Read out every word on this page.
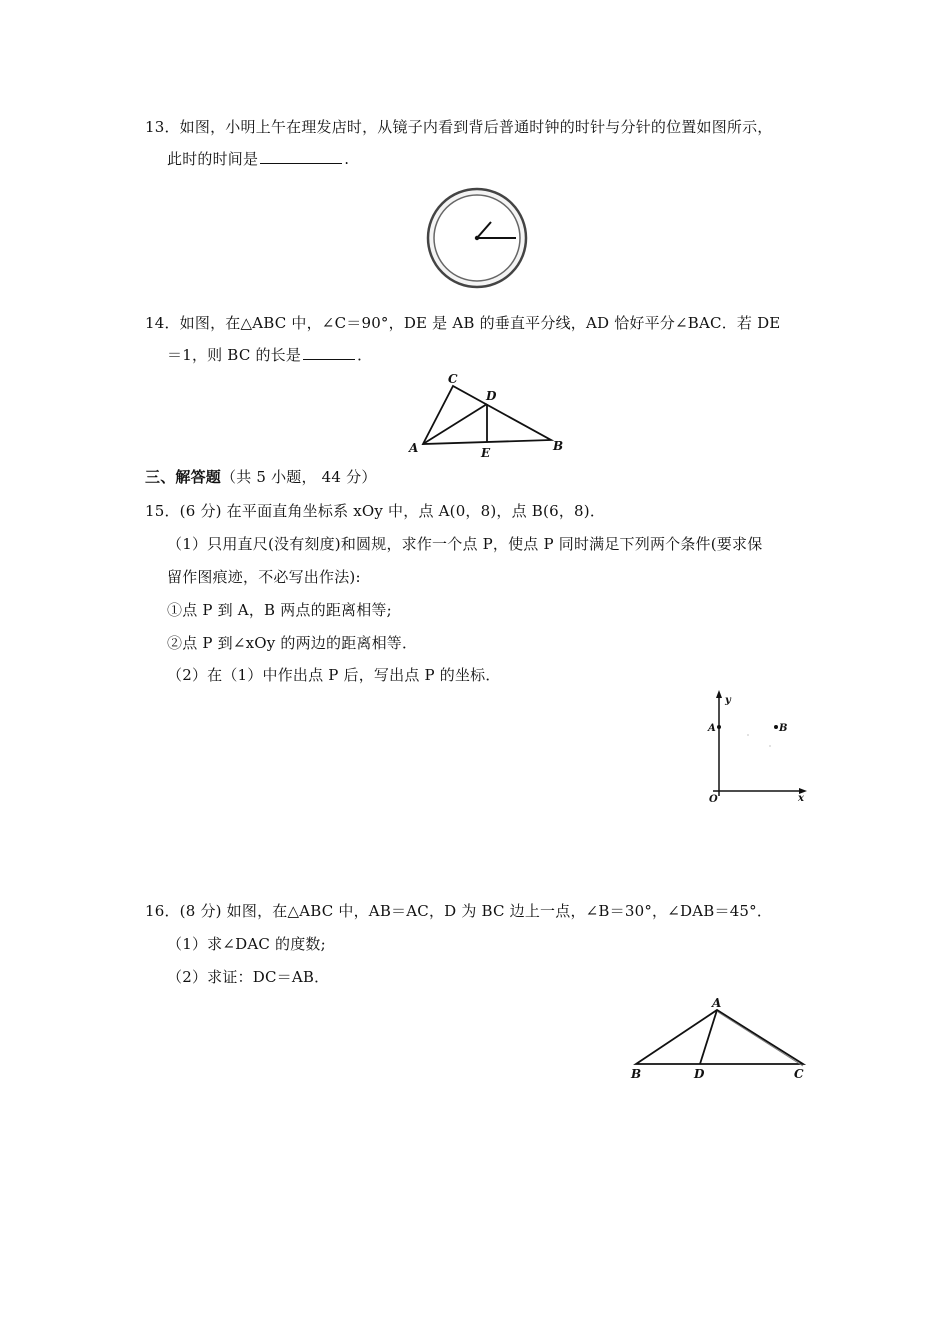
13．如图，小明上午在理发店时，从镜子内看到背后普通时钟的时针与分针的位置如图所示，
此时的时间是	.
14．如图，在△ABC 中，∠C＝90°，DE 是 AB 的垂直平分线，AD 恰好平分∠BAC．若 DE
＝1，则 BC 的长是	．
A
C
D
E	B
三、解答题（共 5 小题， 44 分）
15．(6 分) 在平面直角坐标系 xOy 中，点 A(0，8)，点 B(6，8)．
（1）只用直尺(没有刻度)和圆规，求作一个点 P，使点 P 同时满足下列两个条件(要求保
留作图痕迹，不必写出作法):
①点 P 到 A，B 两点的距离相等;
②点 P 到∠xOy 的两边的距离相等．
（2）在（1）中作出点 P 后，写出点 P 的坐标．
y
A	B
O	x
16．(8 分) 如图，在△ABC 中，AB＝AC，D 为 BC 边上一点，∠B＝30°，∠DAB＝45°．
（1）求∠DAC 的度数;
（2）求证：DC＝AB．
A
B	D	C
